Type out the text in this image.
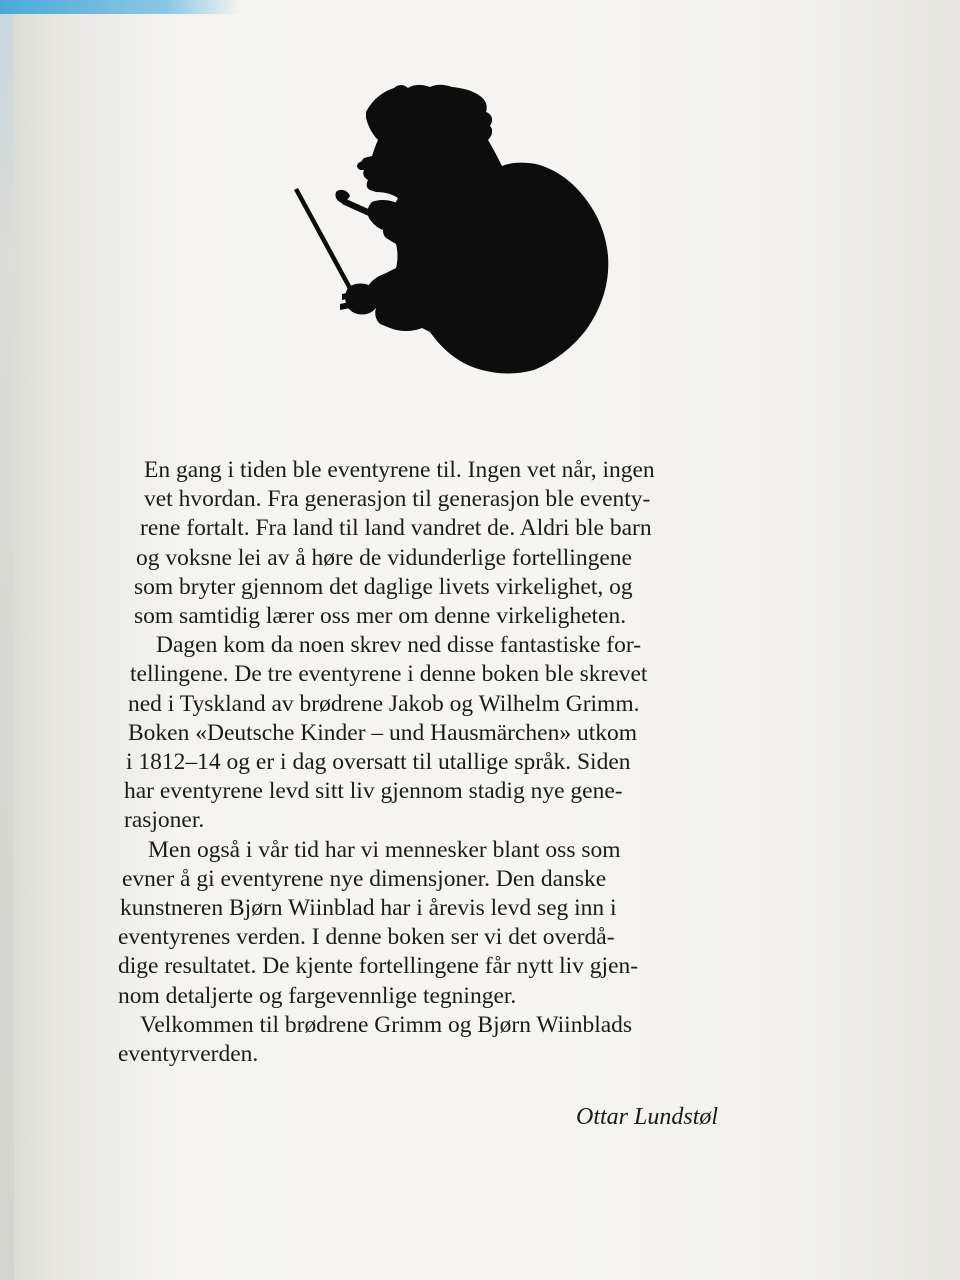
En gang i tiden ble eventyrene til. Ingen vet når, ingen
vet hvordan. Fra generasjon til generasjon ble eventy-
rene fortalt. Fra land til land vandret de. Aldri ble barn
og voksne lei av å høre de vidunderlige fortellingene
som bryter gjennom det daglige livets virkelighet, og
som samtidig lærer oss mer om denne virkeligheten.

Dagen kom da noen skrev ned disse fantastiske for-
tellingene. De tre eventyrene i denne boken ble skrevet
ned i Tyskland av brødrene Jakob og Wilhelm Grimm.
Boken «Deutsche Kinder – und Hausmärchen» utkom
i 1812–14 og er i dag oversatt til utallige språk. Siden
har eventyrene levd sitt liv gjennom stadig nye gene-
rasjoner.

Men også i vår tid har vi mennesker blant oss som
evner å gi eventyrene nye dimensjoner. Den danske
kunstneren Bjørn Wiinblad har i årevis levd seg inn i
eventyrenes verden. I denne boken ser vi det overdå-
dige resultatet. De kjente fortellingene får nytt liv gjen-
nom detaljerte og fargevennlige tegninger.

Velkommen til brødrene Grimm og Bjørn Wiinblads
eventyrverden.

Ottar Lundstøl
